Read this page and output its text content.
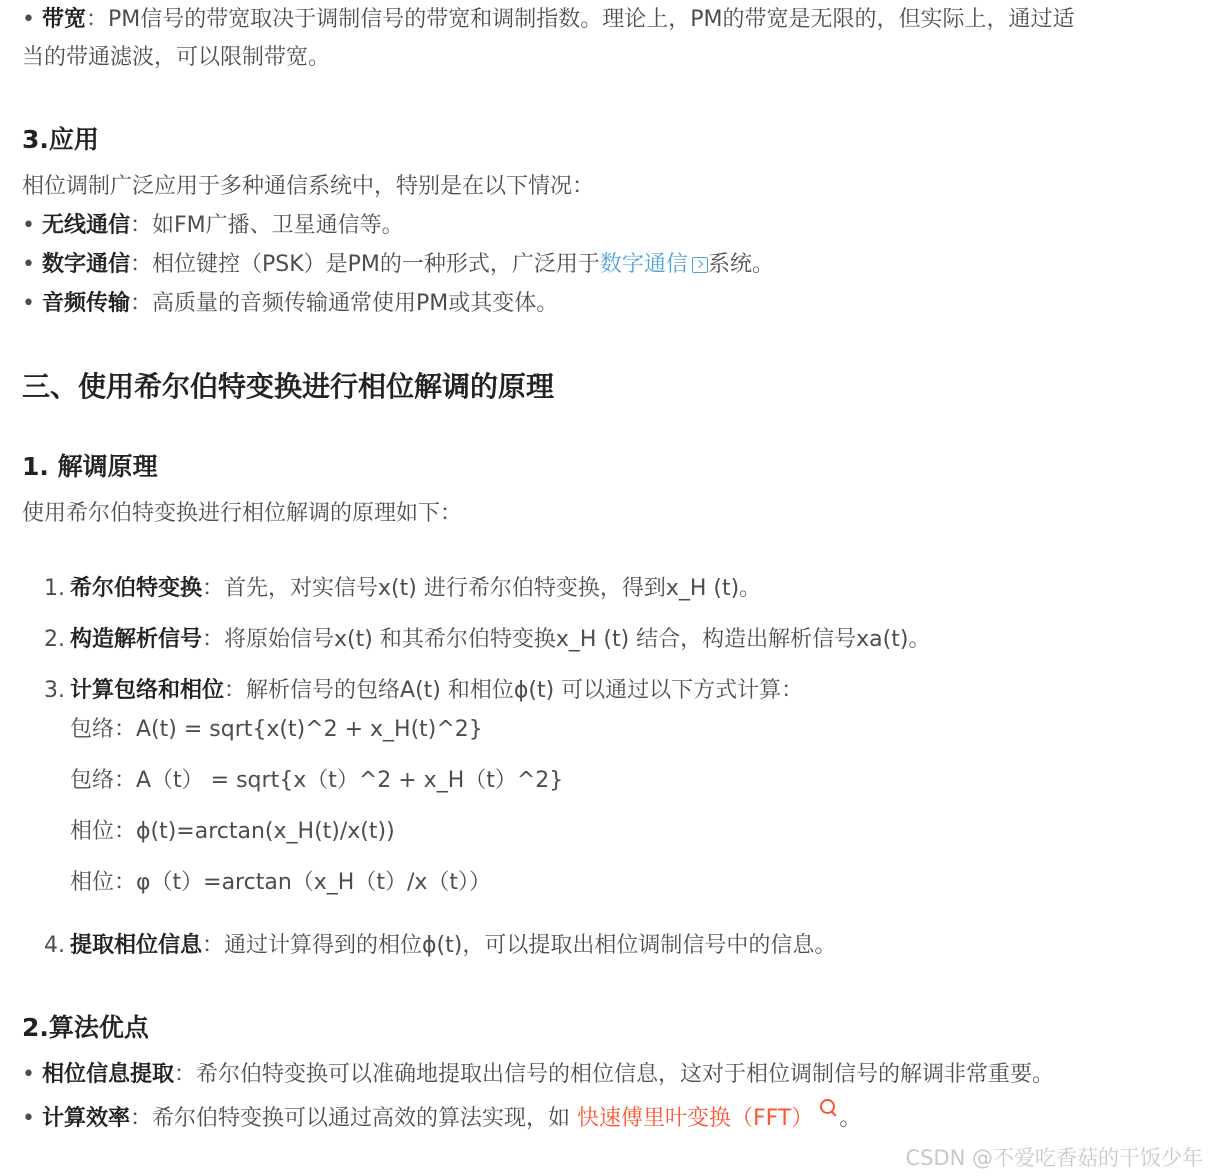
• 带宽：PM信号的带宽取决于调制信号的带宽和调制指数。理论上，PM的带宽是无限的，但实际上，通过适
当的带通滤波，可以限制带宽。
3.应用
相位调制广泛应用于多种通信系统中，特别是在以下情况：
• 无线通信：如FM广播、卫星通信等。
• 数字通信：相位键控（PSK）是PM的一种形式，广泛用于数字通信 系统。
• 音频传输：高质量的音频传输通常使用PM或其变体。
三、使用希尔伯特变换进行相位解调的原理
1. 解调原理
使用希尔伯特变换进行相位解调的原理如下：
1. 希尔伯特变换：首先，对实信号x(t) 进行希尔伯特变换，得到x_H (t)。
2. 构造解析信号：将原始信号x(t) 和其希尔伯特变换x_H (t) 结合，构造出解析信号xa(t)。
3. 计算包络和相位：解析信号的包络A(t) 和相位ϕ(t) 可以通过以下方式计算：
包络：A(t) = sqrt{x(t)^2 + x_H(t)^2}
包络：A（t） = sqrt{x（t）^2 + x_H（t）^2}
相位：ϕ(t)=arctan(x_H(t)/x(t))
相位：φ（t）=arctan（x_H（t）/x（t））
4. 提取相位信息：通过计算得到的相位ϕ(t)，可以提取出相位调制信号中的信息。
2.算法优点
• 相位信息提取：希尔伯特变换可以准确地提取出信号的相位信息，这对于相位调制信号的解调非常重要。
• 计算效率：希尔伯特变换可以通过高效的算法实现，如 快速傅里叶变换（FFT） 。
CSDN @不爱吃香菇的干饭少年
